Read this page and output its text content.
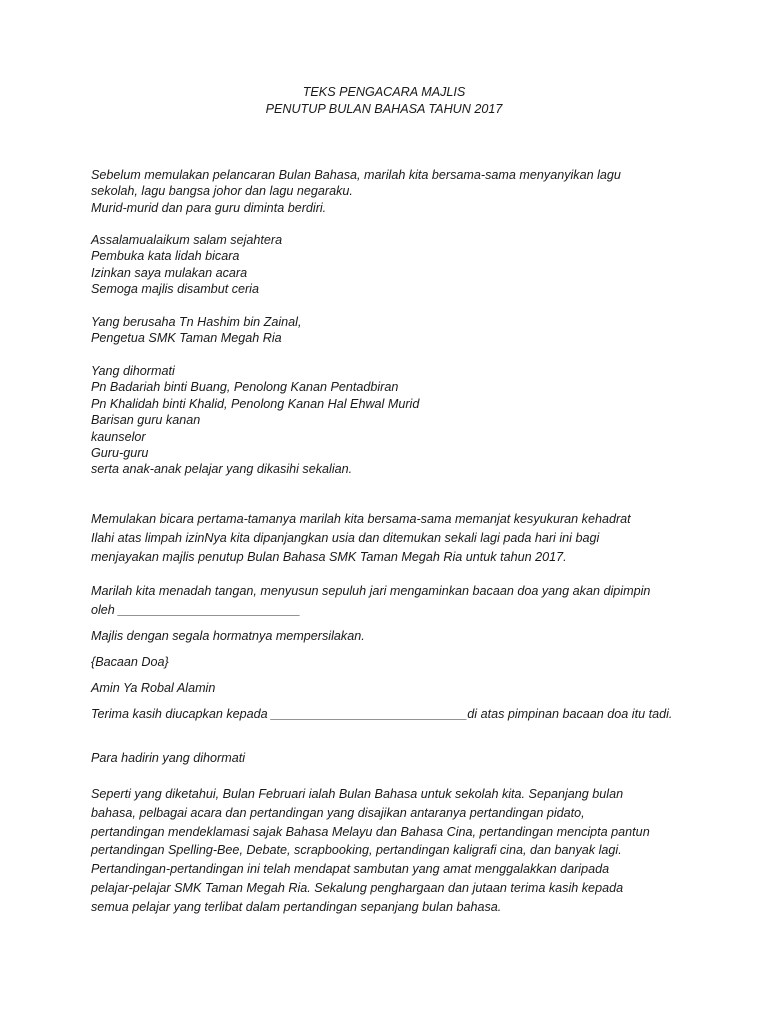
TEKS PENGACARA MAJLIS
PENUTUP BULAN BAHASA TAHUN 2017
Sebelum memulakan pelancaran Bulan Bahasa, marilah kita bersama-sama menyanyikan lagu
sekolah, lagu bangsa johor dan lagu negaraku.
Murid-murid dan para guru diminta berdiri.
Assalamualaikum salam sejahtera
Pembuka kata lidah bicara
Izinkan saya mulakan acara
Semoga majlis disambut ceria
Yang berusaha Tn Hashim bin Zainal,
Pengetua SMK Taman Megah Ria
Yang dihormati
Pn Badariah binti Buang, Penolong Kanan Pentadbiran
Pn Khalidah binti Khalid, Penolong Kanan Hal Ehwal Murid
Barisan guru kanan
kaunselor
Guru-guru
serta anak-anak pelajar yang dikasihi sekalian.
Memulakan bicara pertama-tamanya marilah kita bersama-sama memanjat kesyukuran kehadrat
Ilahi atas limpah izinNya kita dipanjangkan usia dan ditemukan sekali lagi pada hari ini bagi
menjayakan majlis penutup Bulan Bahasa SMK Taman Megah Ria untuk tahun 2017.
Marilah kita menadah tangan, menyusun sepuluh jari mengaminkan bacaan doa yang akan dipimpin
oleh __________________________
Majlis dengan segala hormatnya mempersilakan.
{Bacaan Doa}
Amin Ya Robal Alamin
Terima kasih diucapkan kepada ____________________________di atas pimpinan bacaan doa itu tadi.
Para hadirin yang dihormati
Seperti yang diketahui, Bulan Februari ialah Bulan Bahasa untuk sekolah kita. Sepanjang bulan
bahasa, pelbagai acara dan pertandingan yang disajikan antaranya pertandingan pidato,
pertandingan mendeklamasi sajak Bahasa Melayu dan Bahasa Cina, pertandingan mencipta pantun
pertandingan Spelling-Bee, Debate, scrapbooking, pertandingan kaligrafi cina, dan banyak lagi.
Pertandingan-pertandingan ini telah mendapat sambutan yang amat menggalakkan daripada
pelajar-pelajar SMK Taman Megah Ria. Sekalung penghargaan dan jutaan terima kasih kepada
semua pelajar yang terlibat dalam pertandingan sepanjang bulan bahasa.
